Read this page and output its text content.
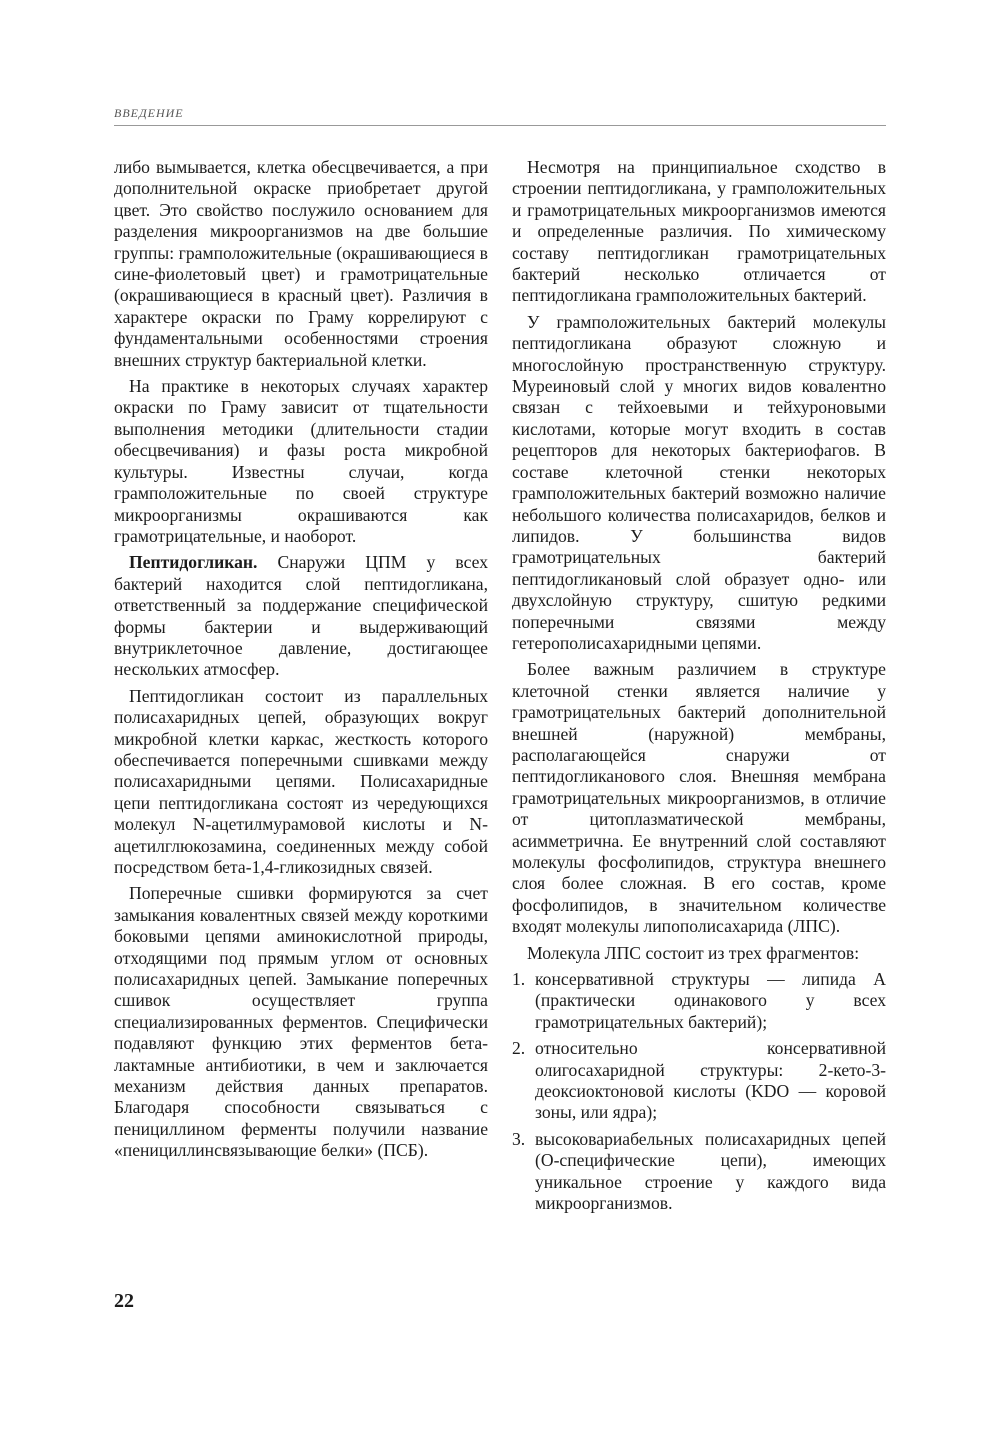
ВВЕДЕНИЕ

либо вымывается, клетка обесцвечивается, а при дополнительной окраске приобретает другой цвет. Это свойство послужило основанием для разделения микроорганизмов на две большие группы: грамположительные (окрашивающиеся в сине-фиолетовый цвет) и грамотрицательные (окрашивающиеся в красный цвет). Различия в характере окраски по Граму коррелируют с фундаментальными особенностями строения внешних структур бактериальной клетки.

На практике в некоторых случаях характер окраски по Граму зависит от тщательности выполнения методики (длительности стадии обесцвечивания) и фазы роста микробной культуры. Известны случаи, когда грамположительные по своей структуре микроорганизмы окрашиваются как грамотрицательные, и наоборот.

Пептидогликан. Снаружи ЦПМ у всех бактерий находится слой пептидогликана, ответственный за поддержание специфической формы бактерии и выдерживающий внутриклеточное давление, достигающее нескольких атмосфер.

Пептидогликан состоит из параллельных полисахаридных цепей, образующих вокруг микробной клетки каркас, жесткость которого обеспечивается поперечными сшивками между полисахаридными цепями. Полисахаридные цепи пептидогликана состоят из чередующихся молекул N-ацетилмурамовой кислоты и N-ацетилглюкозамина, соединенных между собой посредством бета-1,4-гликозидных связей.

Поперечные сшивки формируются за счет замыкания ковалентных связей между короткими боковыми цепями аминокислотной природы, отходящими под прямым углом от основных полисахаридных цепей. Замыкание поперечных сшивок осуществляет группа специализированных ферментов. Специфически подавляют функцию этих ферментов бета-лактамные антибиотики, в чем и заключается механизм действия данных препаратов. Благодаря способности связываться с пенициллином ферменты получили название «пенициллинсвязывающие белки» (ПСБ).

Несмотря на принципиальное сходство в строении пептидогликана, у грамположительных и грамотрицательных микроорганизмов имеются и определенные различия. По химическому составу пептидогликан грамотрицательных бактерий несколько отличается от пептидогликана грамположительных бактерий.

У грамположительных бактерий молекулы пептидогликана образуют сложную и многослойную пространственную структуру. Муреиновый слой у многих видов ковалентно связан с тейхоевыми и тейхуроновыми кислотами, которые могут входить в состав рецепторов для некоторых бактериофагов. В составе клеточной стенки некоторых грамположительных бактерий возможно наличие небольшого количества полисахаридов, белков и липидов. У большинства видов грамотрицательных бактерий пептидогликановый слой образует одно- или двухслойную структуру, сшитую редкими поперечными связями между гетерополисахаридными цепями.

Более важным различием в структуре клеточной стенки является наличие у грамотрицательных бактерий дополнительной внешней (наружной) мембраны, располагающейся снаружи от пептидогликанового слоя. Внешняя мембрана грамотрицательных микроорганизмов, в отличие от цитоплазматической мембраны, асимметрична. Ее внутренний слой составляют молекулы фосфолипидов, структура внешнего слоя более сложная. В его состав, кроме фосфолипидов, в значительном количестве входят молекулы липополисахарида (ЛПС).

Молекула ЛПС состоит из трех фрагментов:

1. консервативной структуры — липида А (практически одинакового у всех грамотрицательных бактерий);
2. относительно консервативной олигосахаридной структуры: 2-кето-3-деоксиоктоновой кислоты (KDO — коровой зоны, или ядра);
3. высоковариабельных полисахаридных цепей (О-специфические цепи), имеющих уникальное строение у каждого вида микроорганизмов.
22
